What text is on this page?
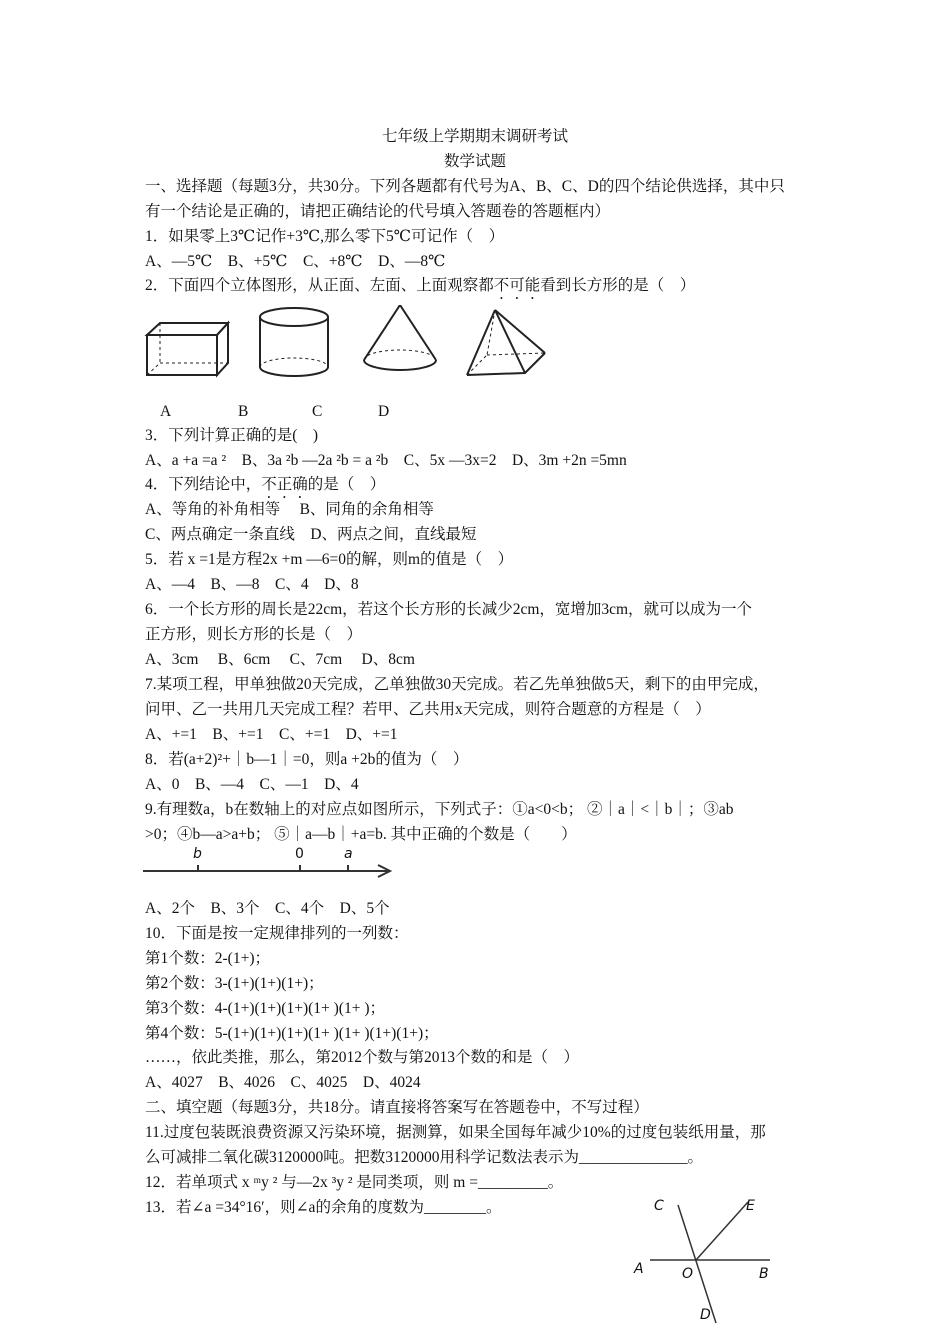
七年级上学期期末调研考试
数学试题
一、选择题（每题3分，共30分。下列各题都有代号为A、B、C、D的四个结论供选择，其中只
有一个结论是正确的，请把正确结论的代号填入答题卷的答题框内）
1．如果零上3℃记作+3℃,那么零下5℃可记作（　）
A、—5℃　B、+5℃　C、+8℃　D、—8℃
2．下面四个立体图形，从正面、左面、上面观察都不可能看到长方形的是（　）
A	B	C	D
3．下列计算正确的是(　)
A、a +a =a ²　B、3a ²b —2a ²b = a ²b　C、5x —3x=2　D、3m +2n =5mn
4．下列结论中，不正确的是（　）
A、等角的补角相等　 B、同角的余角相等
C、两点确定一条直线　D、两点之间，直线最短
5．若 x =1是方程2x +m —6=0的解，则m的值是（　）
A、—4　B、—8　C、4　D、8
6．一个长方形的周长是22cm，若这个长方形的长减少2cm，宽增加3cm，就可以成为一个
正方形，则长方形的长是（　）
A、3cm　 B、6cm　 C、7cm　 D、8cm
7.某项工程，甲单独做20天完成，乙单独做30天完成。若乙先单独做5天，剩下的由甲完成，
问甲、乙一共用几天完成工程？若甲、乙共用x天完成，则符合题意的方程是（　）
A、+=1　B、+=1　C、+=1　D、+=1
8．若(a+2)²+｜b—1｜=0，则a +2b的值为（　）
A、0　B、—4　C、—1　D、4
9.有理数a，b在数轴上的对应点如图所示，下列式子：①a<0<b； ②｜a｜<｜b｜；③ab
>0；④b—a>a+b； ⑤｜a—b｜+a=b. 其中正确的个数是（　　）
b	0	a
A、2个　B、3个　C、4个　D、5个
10．下面是按一定规律排列的一列数：
第1个数：2-(1+)；
第2个数：3-(1+)(1+)(1+)；
第3个数：4-(1+)(1+)(1+)(1+ )(1+ )；
第4个数：5-(1+)(1+)(1+)(1+ )(1+ )(1+)(1+)；
……，依此类推，那么，第2012个数与第2013个数的和是（　）
A、4027　B、4026　C、4025　D、4024
二、填空题（每题3分，共18分。请直接将答案写在答题卷中，不写过程）
11.过度包装既浪费资源又污染环境，据测算，如果全国每年减少10%的过度包装纸用量，那
么可减排二氧化碳3120000吨。把数3120000用科学记数法表示为______________。
12．若单项式 x ᵐy ² 与—2x ³y ² 是同类项，则 m =_________。
13．若∠a =34°16′，则∠a的余角的度数为________。	C	E
A	O	B
D
